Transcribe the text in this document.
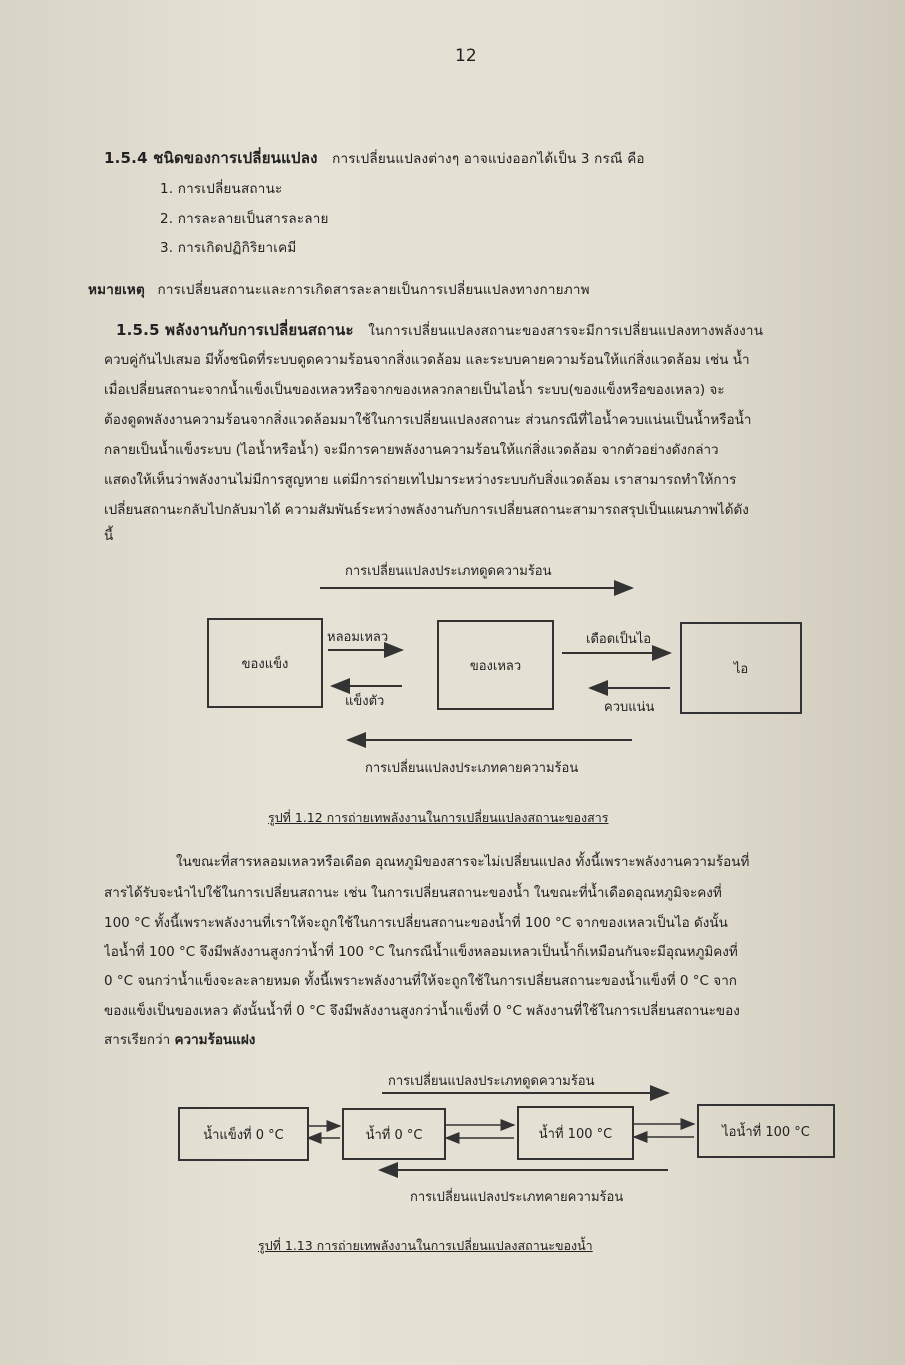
12
1.5.4 ชนิดของการเปลี่ยนแปลง การเปลี่ยนแปลงต่างๆ อาจแบ่งออกได้เป็น 3 กรณี คือ
1. การเปลี่ยนสถานะ
2. การละลายเป็นสารละลาย
3. การเกิดปฏิกิริยาเคมี
หมายเหตุ การเปลี่ยนสถานะและการเกิดสารละลายเป็นการเปลี่ยนแปลงทางกายภาพ
1.5.5 พลังงานกับการเปลี่ยนสถานะ ในการเปลี่ยนแปลงสถานะของสารจะมีการเปลี่ยนแปลงทางพลังงาน
ควบคู่กันไปเสมอ มีทั้งชนิดที่ระบบดูดความร้อนจากสิ่งแวดล้อม และระบบคายความร้อนให้แก่สิ่งแวดล้อม เช่น น้ำ
เมื่อเปลี่ยนสถานะจากน้ำแข็งเป็นของเหลวหรือจากของเหลวกลายเป็นไอน้ำ ระบบ(ของแข็งหรือของเหลว) จะ
ต้องดูดพลังงานความร้อนจากสิ่งแวดล้อมมาใช้ในการเปลี่ยนแปลงสถานะ ส่วนกรณีที่ไอน้ำควบแน่นเป็นน้ำหรือน้ำ
กลายเป็นน้ำแข็งระบบ (ไอน้ำหรือน้ำ) จะมีการคายพลังงานความร้อนให้แก่สิ่งแวดล้อม จากตัวอย่างดังกล่าว
แสดงให้เห็นว่าพลังงานไม่มีการสูญหาย แต่มีการถ่ายเทไปมาระหว่างระบบกับสิ่งแวดล้อม เราสามารถทำให้การ
เปลี่ยนสถานะกลับไปกลับมาได้ ความสัมพันธ์ระหว่างพลังงานกับการเปลี่ยนสถานะสามารถสรุปเป็นแผนภาพได้ดัง
นี้
การเปลี่ยนแปลงประเภทดูดความร้อน
ของแข็ง	ของเหลว	ไอ
หลอมเหลว
แข็งตัว
เดือดเป็นไอ
ควบแน่น
การเปลี่ยนแปลงประเภทคายความร้อน
รูปที่ 1.12 การถ่ายเทพลังงานในการเปลี่ยนแปลงสถานะของสาร
ในขณะที่สารหลอมเหลวหรือเดือด อุณหภูมิของสารจะไม่เปลี่ยนแปลง ทั้งนี้เพราะพลังงานความร้อนที่
สารได้รับจะนำไปใช้ในการเปลี่ยนสถานะ เช่น ในการเปลี่ยนสถานะของน้ำ ในขณะที่น้ำเดือดอุณหภูมิจะคงที่
100 °C ทั้งนี้เพราะพลังงานที่เราให้จะถูกใช้ในการเปลี่ยนสถานะของน้ำที่ 100 °C จากของเหลวเป็นไอ ดังนั้น
ไอน้ำที่ 100 °C จึงมีพลังงานสูงกว่าน้ำที่ 100 °C ในกรณีน้ำแข็งหลอมเหลวเป็นน้ำก็เหมือนกันจะมีอุณหภูมิคงที่
0 °C จนกว่าน้ำแข็งจะละลายหมด ทั้งนี้เพราะพลังงานที่ให้จะถูกใช้ในการเปลี่ยนสถานะของน้ำแข็งที่ 0 °C จาก
ของแข็งเป็นของเหลว ดังนั้นน้ำที่ 0 °C จึงมีพลังงานสูงกว่าน้ำแข็งที่ 0 °C พลังงานที่ใช้ในการเปลี่ยนสถานะของ
สารเรียกว่า ความร้อนแฝง
การเปลี่ยนแปลงประเภทดูดความร้อน
น้ำแข็งที่ 0 °C	น้ำที่ 0 °C	น้ำที่ 100 °C	ไอน้ำที่ 100 °C
การเปลี่ยนแปลงประเภทคายความร้อน
รูปที่ 1.13 การถ่ายเทพลังงานในการเปลี่ยนแปลงสถานะของน้ำ
